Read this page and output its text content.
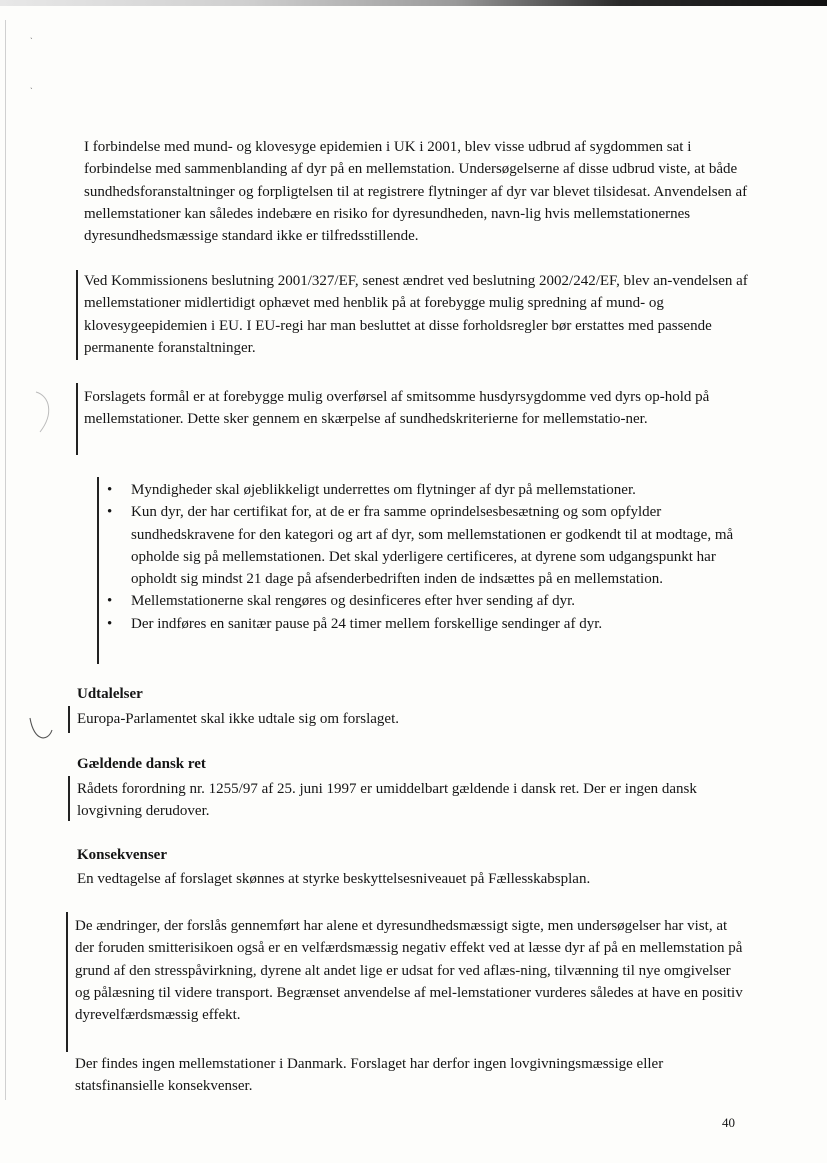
ˏ
ˎ

I forbindelse med mund- og klovesyge epidemien i UK i 2001, blev visse udbrud af sygdommen sat i forbindelse med sammenblanding af dyr på en mellemstation. Undersøgelserne af disse udbrud viste, at både sundhedsforanstaltninger og forpligtelsen til at registrere flytninger af dyr var blevet tilsidesat. Anvendelsen af mellemstationer kan således indebære en risiko for dyresundheden, navn-lig hvis mellemstationernes dyresundhedsmæssige standard ikke er tilfredsstillende.

Ved Kommissionens beslutning 2001/327/EF, senest ændret ved beslutning 2002/242/EF, blev an-vendelsen af mellemstationer midlertidigt ophævet med henblik på at forebygge mulig spredning af mund- og klovesygeepidemien i EU. I EU-regi har man besluttet at disse forholdsregler bør erstattes med passende permanente foranstaltninger.

Forslagets formål er at forebygge mulig overførsel af smitsomme husdyrsygdomme ved dyrs op-hold på mellemstationer. Dette sker gennem en skærpelse af sundhedskriterierne for mellemstatio-ner.

• Myndigheder skal øjeblikkeligt underrettes om flytninger af dyr på mellemstationer.
• Kun dyr, der har certifikat for, at de er fra samme oprindelsesbesætning og som opfylder sundhedskravene for den kategori og art af dyr, som mellemstationen er godkendt til at modtage, må opholde sig på mellemstationen. Det skal yderligere certificeres, at dyrene som udgangspunkt har opholdt sig mindst 21 dage på afsenderbedriften inden de indsættes på en mellemstation.
• Mellemstationerne skal rengøres og desinficeres efter hver sending af dyr.
• Der indføres en sanitær pause på 24 timer mellem forskellige sendinger af dyr.
Udtalelser

Europa-Parlamentet skal ikke udtale sig om forslaget.

Gældende dansk ret

Rådets forordning nr. 1255/97 af 25. juni 1997 er umiddelbart gældende i dansk ret. Der er ingen dansk lovgivning derudover.

Konsekvenser

En vedtagelse af forslaget skønnes at styrke beskyttelsesniveauet på Fællesskabsplan.

De ændringer, der forslås gennemført har alene et dyresundhedsmæssigt sigte, men undersøgelser har vist, at der foruden smitterisikoen også er en velfærdsmæssig negativ effekt ved at læsse dyr af på en mellemstation på grund af den stresspåvirkning, dyrene alt andet lige er udsat for ved aflæs-ning, tilvænning til nye omgivelser og pålæsning til videre transport. Begrænset anvendelse af mel-lemstationer vurderes således at have en positiv dyrevelfærdsmæssig effekt.

Der findes ingen mellemstationer i Danmark. Forslaget har derfor ingen lovgivningsmæssige eller statsfinansielle konsekvenser.

40
